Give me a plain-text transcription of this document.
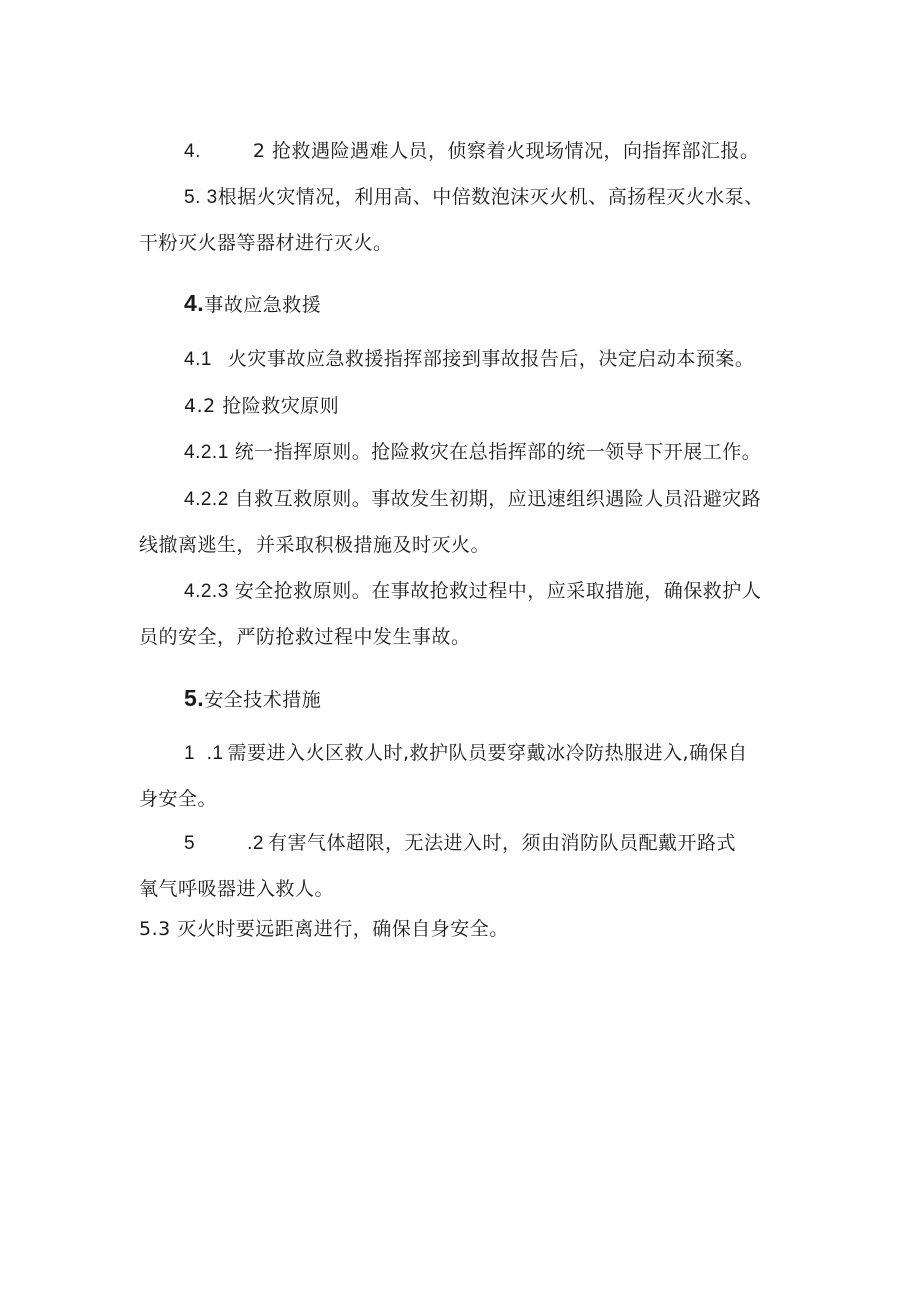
4.	2 抢救遇险遇难人员，侦察着火现场情况，向指挥部汇报。
5. 3根据火灾情况，利用高、中倍数泡沫灭火机、高扬程灭火水泵、
干粉灭火器等器材进行灭火。
4.事故应急救援
4.1 火灾事故应急救援指挥部接到事故报告后，决定启动本预案。
4.2 抢险救灾原则
4.2.1 统一指挥原则。抢险救灾在总指挥部的统一领导下开展工作。
4.2.2 自救互救原则。事故发生初期，应迅速组织遇险人员沿避灾路
线撤离逃生，并采取积极措施及时灭火。
4.2.3 安全抢救原则。在事故抢救过程中，应采取措施，确保救护人
员的安全，严防抢救过程中发生事故。
5.安全技术措施
1  .1 需要进入火区救人时,救护队员要穿戴冰冷防热服进入,确保自
身安全。
5	.2 有害气体超限，无法进入时，须由消防队员配戴开路式
氧气呼吸器进入救人。
5.3 灭火时要远距离进行，确保自身安全。
